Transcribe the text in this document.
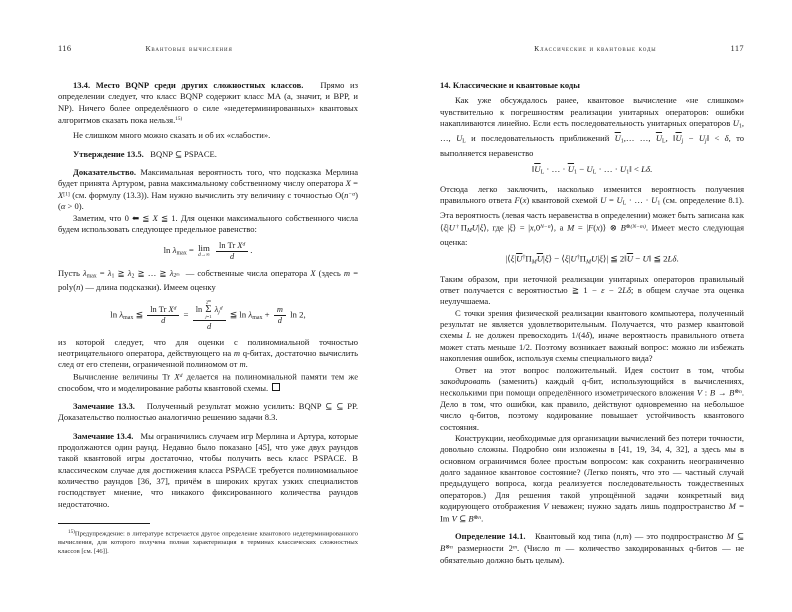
116	Квантовые вычисления

13.4. Место BQNP среди других сложностных классов. Прямо из определении следует, что класс BQNP содержит класс MA (а, значит, и BPP, и NP). Ничего более определённого о силе «недетерминированных» квантовых алгоритмов сказать пока нельзя.$^{15)}$

Не слишком много можно сказать и об их «слабости».

Утверждение 13.5. BQNP ⊆ PSPACE.

Доказательство. Максимальная вероятность того, что подсказка Мерлина будет принята Артуром, равна максимальному собственному числу оператора X = X[1] (см. формулу (13.3)). Нам нужно вычислить эту величину с точностью $O(n^{-\alpha}) (\alpha > 0)$.

Заметим, что 0 ⬅⁠ ≦ X ≦ 1. Для оценки максимального собственного числа будем использовать следующее предельное равенство:

ln λmax = lim
d→∞
$\frac{\ln Tr X^d}{d}$ .

Пусть λmax = λ1 ≧ λ2 ≧ … ≧ λ2$^m$  — собственные числа оператора X (здесь m = poly(n) — длина подсказки). Имеем оценку

ln λmax ≦ $\frac{\ln Tr X^d}{d} = \ln$
2$^m$
Σ
j=1
$\lambda j^d$
d ≦ $\ln \lambda\max + \frac{m}{d}$ ln 2,

из которой следует, что для оценки с полиномиальной точностью неотрицательного оператора, действующего на m q-битах, достаточно вычислить след от его степени, ограниченной полиномом от m.

Вычисление величины Tr $X^d$ делается на полиномиальной памяти тем же способом, что и моделирование работы квантовой схемы.

Замечание 13.3. Полученный результат можно усилить: BQNP ⊆ ⊆ PP. Доказательство полностью аналогично решению задачи 8.3.

Замечание 13.4. Мы ограничились случаем игр Мерлина и Артура, которые продолжаются один раунд. Недавно было показано [45], что уже двух раундов такой квантовой игры достаточно, чтобы получить весь класс PSPACE. В классическом случае для достижения класса PSPACE требуется полиномиальное количество раундов [36, 37], причём в широких кругах узких специалистов господствует мнение, что никакого фиксированного количества раундов недостаточно.

$^{15)}$Предупреждение: в литературе встречается другое определение квантового недетерминированного вычисления, для которого получена полная характеризация в терминах классических сложностных классов [см. [46]].

Классические и квантовые коды	117

14. Классические и квантовые коды

Как уже обсуждалось ранее, квантовое вычисление «не слишком» чувствительно к погрешностям реализации унитарных операторов: ошибки накапливаются линейно. Если есть последовательность унитарных операторов U1, …, UL и последовательность приближений $\overline{U}1,\dots$ …, $\overline{U}L$, $‖\overline{U}_j$ − $U_j‖ < \delta$, то выполняется неравенство

$‖\overline{U}L$ · … · $\overline{U}1$ − UL · … · U1‖ < Lδ.

Отсюда легко заключить, насколько изменится вероятность получения правильного ответа F(x) квантовой схемой U = UL · … · U1 (см. определение 8.1). Эта вероятность (левая часть неравенства в определении) может быть записана как $⟨\xi|U^\dagger\Pi_MU|\xi⟩$, где |ξ⟩ = $|x,0^{N-n}⟩$, а M = |F(x)⟩ ⊗ $B^{\otimes(N-m)}$. Имеет место следующая оценка:

$|⟨\xi|\overline{U}^\dagger\Pi_M\overline{U}|\xi⟩$ − $⟨\xi|U^\dagger\Pi_MU|\xi⟩|$ ≦ $2‖\overline{U}$ − U‖ ≦ 2Lδ.

Таким образом, при неточной реализации унитарных операторов правильный ответ получается с вероятностью ≧ 1 − ε − 2Lδ; в общем случае эта оценка неулучшаема.

С точки зрения физической реализации квантового компьютера, полученный результат не является удовлетворительным. Получается, что размер квантовой схемы L не должен превосходить 1/(4δ), иначе вероятность правильного ответа может стать меньше 1/2. Поэтому возникает важный вопрос: можно ли избежать накопления ошибок, используя схемы специального вида?

Ответ на этот вопрос положительный. Идея состоит в том, чтобы закодировать (заменить) каждый q-бит, использующийся в вычислениях, несколькими при помощи определённого изометрического вложения V : $B \to B^{\otimes n}$. Дело в том, что ошибки, как правило, действуют одновременно на небольшое число q-битов, поэтому кодирование повышает устойчивость квантового состояния.

Конструкции, необходимые для организации вычислений без потери точности, довольно сложны. Подробно они изложены в [41, 19, 34, 4, 32], а здесь мы в основном ограничимся более простым вопросом: как сохранить неограниченно долго заданное квантовое состояние? (Легко понять, что это — частный случай предыдущего вопроса, когда реализуется последовательность тождественных операторов.) Для решения такой упрощённой задачи конкретный вид кодирующего отображения V неважен; нужно задать лишь подпространство M = Im V ⊆ $B^{\otimes n}$.

Определение 14.1. Квантовый код типа (n,m) — это подпространство M ⊆ $B^{\otimes n}$ размерности 2$^m$. (Число m — количество закодированных q-битов — не обязательно должно быть целым).
